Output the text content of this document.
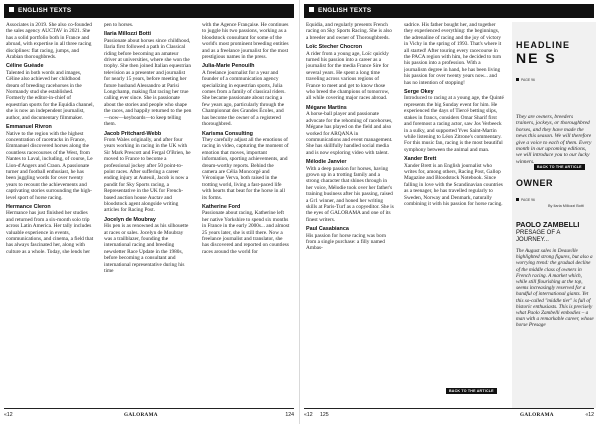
ENGLISH TEXTS

Associates in 2019. She also co-founded the sales agency AUCTAV in 2021. She has a solid portfolio both in France and abroad, with expertise in all three racing disciplines: flat racing, jumps, and Arabian thoroughbreds.

Céline Guéade

Talented in both words and images, Céline also achieved her childhood dream of breeding racehorses in the Normandy stud she established. Formerly the editor-in-chief of equestrian sports for the Equidia channel, she is now an independent journalist, author, and documentary filmmaker.

Emmanuel Rivron

Native to the region with the highest concentration of racetracks in France, Emmanuel discovered horses along the countless racecourses of the West, from Nantes to Laval, including, of course, Le Lion-d'Angers and Craon. A passionate turner and football enthusiast, he has been juggling words for over twenty years to recount the achievements and captivating stories surrounding the high-level sport of horse racing.

Hermance Cleron

Hermance has just finished her studies and returned from a six-month solo trip across Latin America. Her tally includes valuable experience in events, communications, and cinema, a field that has always fascinated her, along with culture as a whole. Today, she lends her

pen to horses.

Ilaria Millozzi Botti

Passionate about horses since childhood, Ilaria first followed a path in Classical riding before becoming an amateur driver at universities, where she won the trophy. She then joined Italian equestrian television as a presenter and journalist for nearly 15 years, before meeting her future husband Alessandro at Parisi Longchamp, making flat racing her true calling ever since. She is passionate about the stories and people who shape the races, and happily returned to the pen—now—keyboards—to keep telling them.

Jacob Pritchard-Webb

From Wales originally, and after four years working in racing in the UK with Sir Mark Prescott and Fergal O'Brien, he moved to France to become a professional jockey after 50 point-to-point races. After suffering a career ending injury at Auteuil, Jacob is now a pundit for Sky Sports racing, a Representative in the UK for French-based auction house Auctav and bloodstock agent alongside writing articles for Racing Post.

Jocelyn de Moubray

His pen is as renowned as his silhouette at races or sales. Jocelyn de Moubray was a trailblazer, founding the international racing and breeding newsletter Race Update in the 1980s, before becoming a consultant and international representative during his time

with the Agence Française. He continues to juggle his two passions, working as a bloodstock consultant for some of the world's most prominent breeding entities and as a freelance journalist for the most prestigious names in the press.

Julia-Marie Penouilh

A freelance journalist for a year and founder of a communication agency specializing in equestrian sports, Julia comes from a family of classical riders. She became passionate about racing a few years ago, particularly through the Championnat des Grandes Écoles, and has become the owner of a registered thoroughbred.

Karisma Consulting

They carefully adjust all the emotions of racing in video, capturing the moment of emotion that moves, important information, sporting achievements, and dream-worthy reports. Behind the camera are Célia Moncorgé and Véronique Verva, both raised in the trotting world, living a fast-paced life with hearts that beat for the horse in all its forms.

Katherine Ford

Passionate about racing, Katherine left her native Yorkshire to spend six months in France in the early 2000s... and almost 25 years later, she is still there. Now a freelance journalist and translator, she has discovered and reported on countless races around the world for

«12	GALORAMA	124
ENGLISH TEXTS

Equidia, and regularly presents French racing on Sky Sports Racing. She is also a breeder and owner of Thoroughbreds.

Loïc Stecher Chocron

A rider from a young age, Loïc quickly turned his passion into a career as a journalist for the media France Sire for several years. He spent a long time traveling across various regions of France to meet and get to know those who breed the champions of tomorrow, all while covering major races abroad.

Mégane Martins

A horse-ball player and passionate advocate for the rehoming of racehorses, Mégane has played on the field and also worked for ARQANA in communications and event management. She has skillfully handled social media and is now exploring video with talent.

Mélodie Janvier

With a deep passion for horses, having grown up in a trotting family and a strong character that shines through in her voice, Mélodie took over her father's training business after his passing, raised a Gr1 winner, and honed her writing skills at Paris-Turf as a copyeditor. She is the eyes of GALORAMA and one of its finest writers.

Paul Casabianca

His passion for horse racing was born from a single purchase: a filly named Ambas-

sadrice. His father bought her, and together they experienced everything: the beginnings, the adrenaline of racing and the joy of victory in Vichy in the spring of 1993. That's where it all started! After touring every racecourse in the PACA region with him, he decided to turn his passion into a profession. With a journalism degree in hand, he has been living his passion for over twenty years now... and has no intention of stopping!

Serge Okey

Introduced to racing at a young age, the Quinté represents the big Sunday event for him. He experienced the days of Tiercé betting slips, stakes in francs, considers Omar Sharif first and foremost a racing actor, saw Jos Verbeeck in a sulky, and supported Yves Saint-Martin while listening to Léon Zitrone's commentary. For this music fan, racing is the most beautiful symphony between the animal and man.

Xander Brett

Xander Brett is an English journalist who writes for, among others, Racing Post, Gallop Magazine and Bloodstock Notebook. Since falling in love with the Scandinavian countries as a teenager, he has travelled regularly to Sweden, Norway and Denmark, naturally combining it with his passion for horse racing.

BACK TO THE ARTICLE
«12 125	GALORAMA	«12
HEADLINE
NE S
PAGE 96
They are owners, breeders trainers, jockeys, or thoroughbred horses, and they have made the news this season. We will therefore give a voice to each of them. Every month in our upcoming editions, we will introduce you to our lucky winners.
BACK TO THE ARTICLE
OWNER
PAGE 96
By Ilaria Millozzi Botti
PAOLO ZAMBELLI
PRESAGE OF A JOURNEY...
The August sales in Deauville highlighted strong figures, but also a worrying trend: the gradual decline of the middle class of owners in French racing. A market which, while still flourishing at the top, seems increasingly reserved for a handful of international giants. Yet this so-called "middle tier" is full of historic enthusiasts. This is precisely what Paolo Zambelli embodies – a man with a remarkable career, whose horse Presage
